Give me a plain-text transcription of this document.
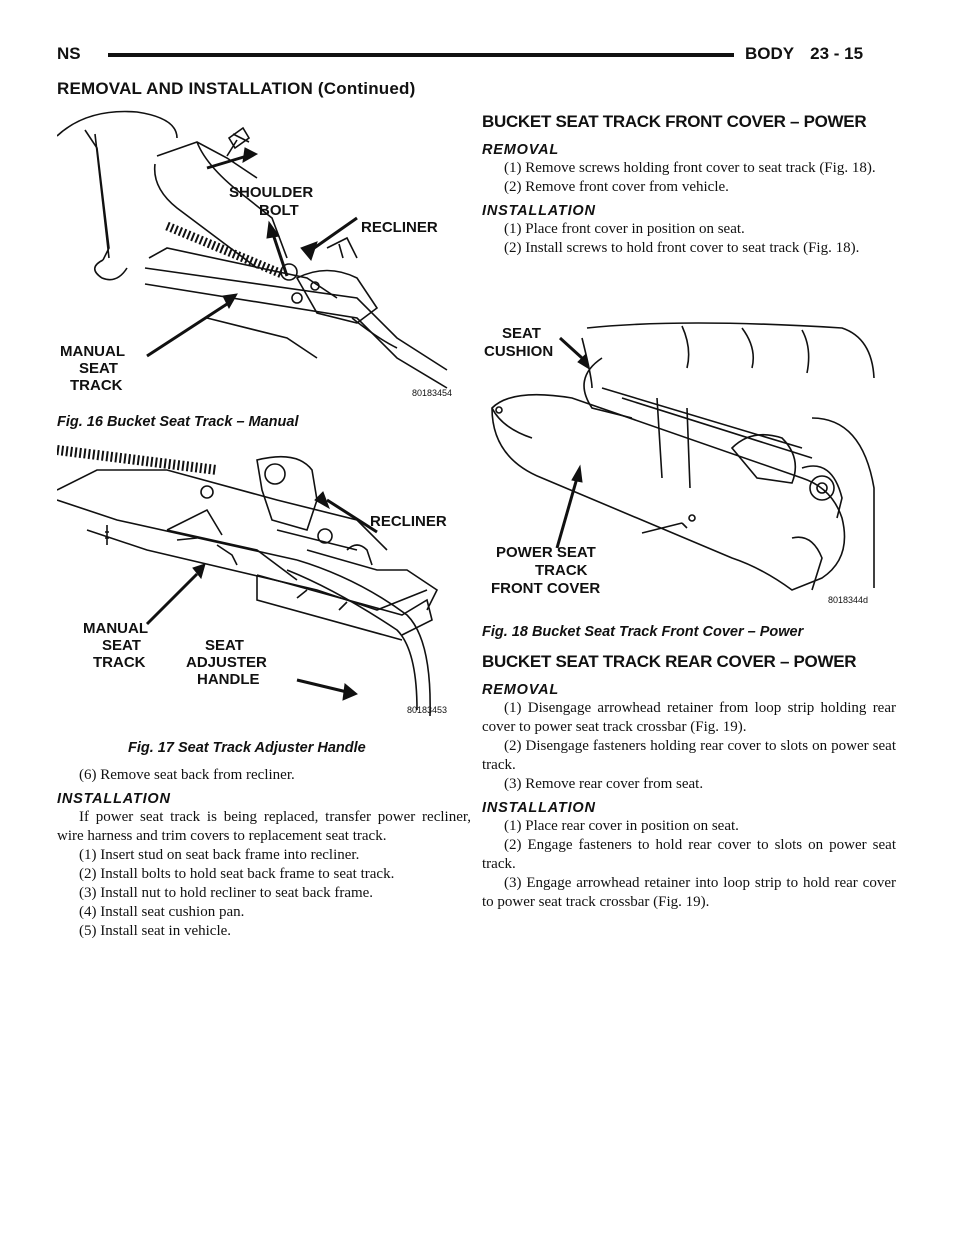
NS	BODY 23 - 15
REMOVAL AND INSTALLATION (Continued)
SHOULDER
BOLT
RECLINER
MANUAL
SEAT
TRACK	80183454
Fig. 16 Bucket Seat Track – Manual
RECLINER
MANUAL
SEAT
TRACK
SEAT
ADJUSTER
HANDLE
80183453
Fig. 17 Seat Track Adjuster Handle
(6) Remove seat back from recliner.
INSTALLATION
If power seat track is being replaced, transfer power recliner, wire harness and trim covers to replacement seat track.
(1) Insert stud on seat back frame into recliner.
(2) Install bolts to hold seat back frame to seat track.
(3) Install nut to hold recliner to seat back frame.
(4) Install seat cushion pan.
(5) Install seat in vehicle.
BUCKET SEAT TRACK FRONT COVER – POWER
REMOVAL
(1) Remove screws holding front cover to seat track (Fig. 18).
(2) Remove front cover from vehicle.
INSTALLATION
(1) Place front cover in position on seat.
(2) Install screws to hold front cover to seat track (Fig. 18).
SEAT
CUSHION
POWER SEAT
TRACK
FRONT COVER
8018344d
Fig. 18 Bucket Seat Track Front Cover – Power
BUCKET SEAT TRACK REAR COVER – POWER
REMOVAL
(1) Disengage arrowhead retainer from loop strip holding rear cover to power seat track crossbar (Fig. 19).
(2) Disengage fasteners holding rear cover to slots on power seat track.
(3) Remove rear cover from seat.
INSTALLATION
(1) Place rear cover in position on seat.
(2) Engage fasteners to hold rear cover to slots on power seat track.
(3) Engage arrowhead retainer into loop strip to hold rear cover to power seat track crossbar (Fig. 19).
